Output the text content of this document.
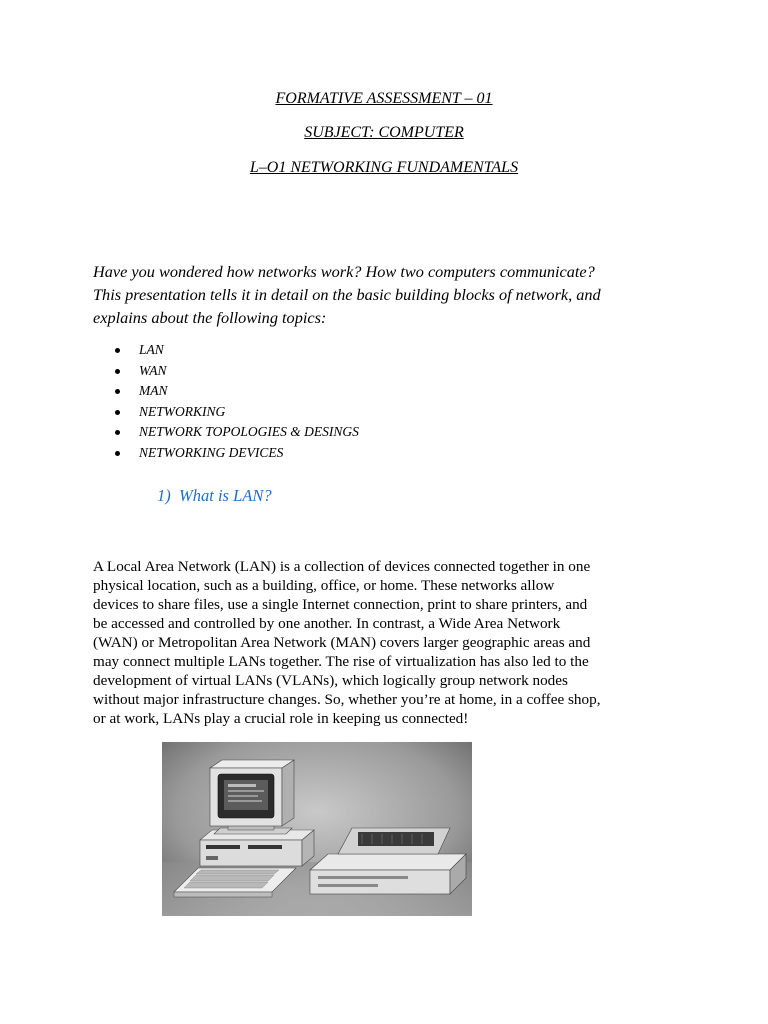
FORMATIVE ASSESSMENT – 01
SUBJECT: COMPUTER
L–O1 NETWORKING FUNDAMENTALS
Have you wondered how networks work? How two computers communicate?
This presentation tells it in detail on the basic building blocks of network, and
explains about the following topics:
LAN
WAN
MAN
NETWORKING
NETWORK TOPOLOGIES & DESINGS
NETWORKING DEVICES
1) What is LAN?
A Local Area Network (LAN) is a collection of devices connected together in one
physical location, such as a building, office, or home. These networks allow
devices to share files, use a single Internet connection, print to share printers, and
be accessed and controlled by one another. In contrast, a Wide Area Network
(WAN) or Metropolitan Area Network (MAN) covers larger geographic areas and
may connect multiple LANs together. The rise of virtualization has also led to the
development of virtual LANs (VLANs), which logically group network nodes
without major infrastructure changes. So, whether you’re at home, in a coffee shop,
or at work, LANs play a crucial role in keeping us connected!
